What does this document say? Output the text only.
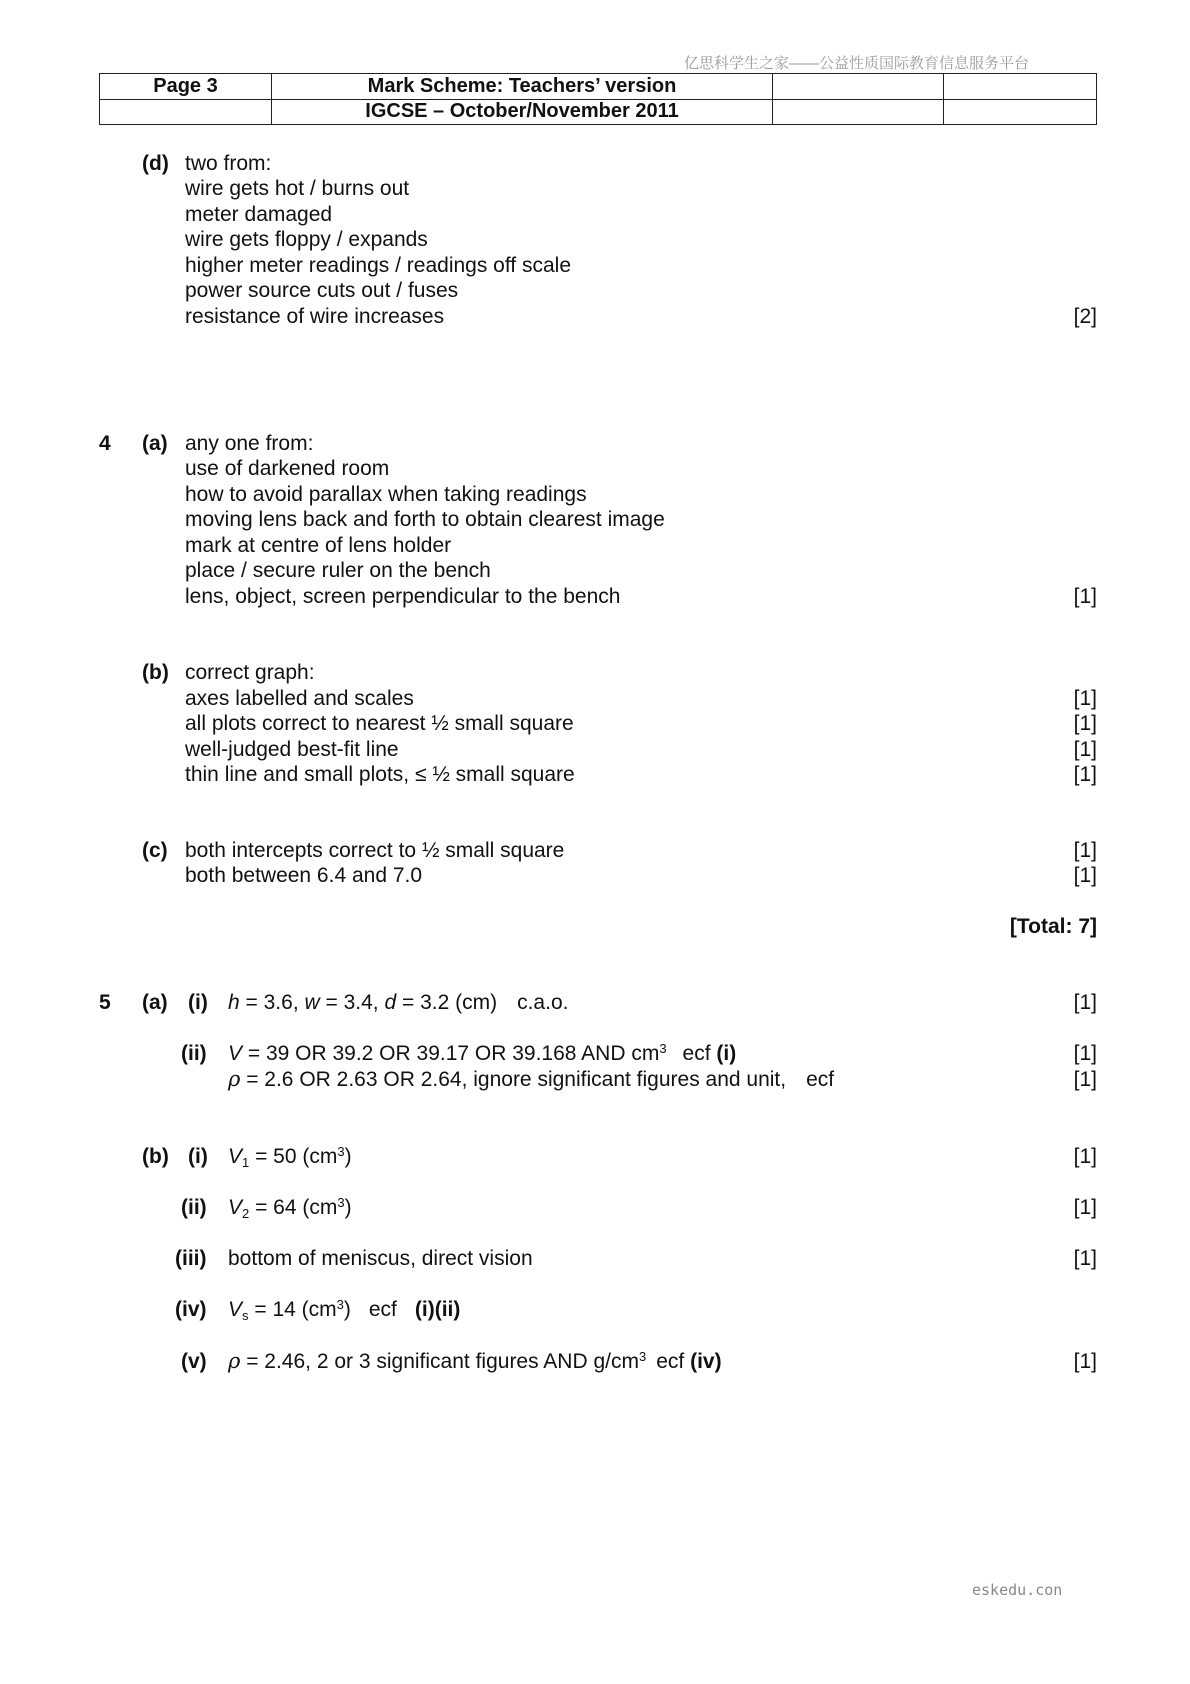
亿思科学生之家——公益性质国际教育信息服务平台
Page 3	Mark Scheme: Teachers’ version		
	IGCSE – October/November 2011		
(d) two from:
wire gets hot / burns out
meter damaged
wire gets floppy / expands
higher meter readings / readings off scale
power source cuts out / fuses
resistance of wire increases	[2]
4 (a) any one from:
use of darkened room
how to avoid parallax when taking readings
moving lens back and forth to obtain clearest image
mark at centre of lens holder
place / secure ruler on the bench
lens, object, screen perpendicular to the bench	[1]
(b) correct graph:
axes labelled and scales	[1]
all plots correct to nearest ½ small square	[1]
well-judged best-fit line	[1]
thin line and small plots, ≤ ½ small square	[1]
(c) both intercepts correct to ½ small square	[1]
both between 6.4 and 7.0	[1]
[Total: 7]
5 (a) (i) h = 3.6, w = 3.4, d = 3.2 (cm) c.a.o.	[1]
(ii) V = 39 OR 39.2 OR 39.17 OR 39.168 AND $cm^3$ ecf (i)	[1]
ρ = 2.6 OR 2.63 OR 2.64, ignore significant figures and unit, ecf	[1]
(b) (i) $V_1 = 50$ $(cm^3)$	[1]
(ii) $V_2 = 64$ $(cm^3)$	[1]
(iii) bottom of meniscus, direct vision	[1]
(iv) $V_s = 14$ $(cm^3)$ ecf (i)(ii)
(v) ρ = 2.46, 2 or 3 significant figures AND $g/cm^3$ ecf (iv)	[1]
eskedu.con
